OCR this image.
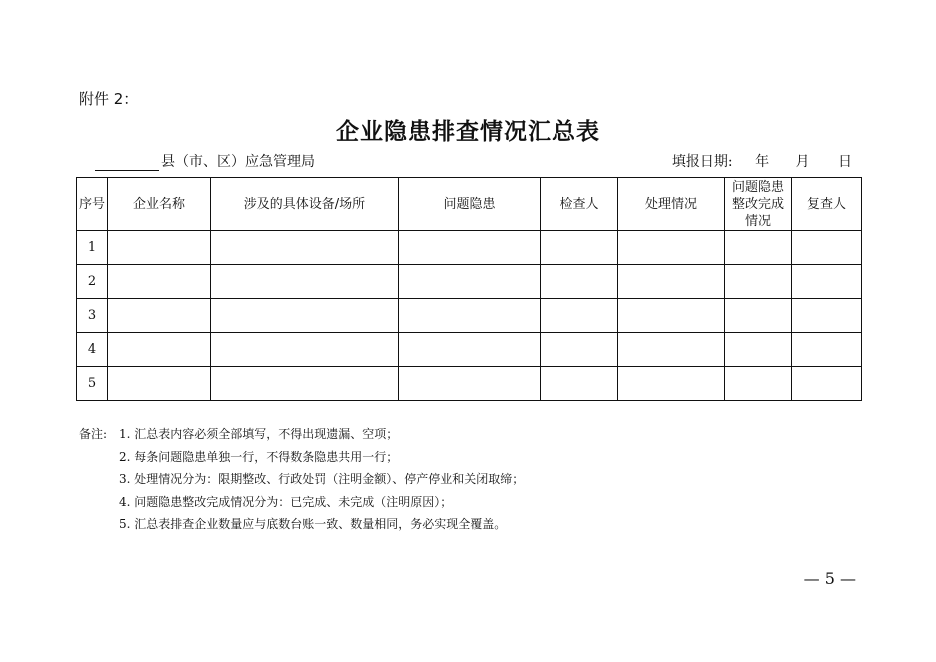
附件 2：
企业隐患排查情况汇总表
县（市、区）应急管理局	填报日期: 年 月 日
序号	企业名称	涉及的具体设备/场所	问题隐患	检查人	处理情况	问题隐患整改完成情况	复查人
1							
2							
3							
4							
5							
备注: 1. 汇总表内容必须全部填写，不得出现遗漏、空项；
2. 每条问题隐患单独一行，不得数条隐患共用一行；
3. 处理情况分为：限期整改、行政处罚（注明金额）、停产停业和关闭取缔；
4. 问题隐患整改完成情况分为：已完成、未完成（注明原因）；
5. 汇总表排查企业数量应与底数台账一致、数量相同，务必实现全覆盖。
— 5 —
